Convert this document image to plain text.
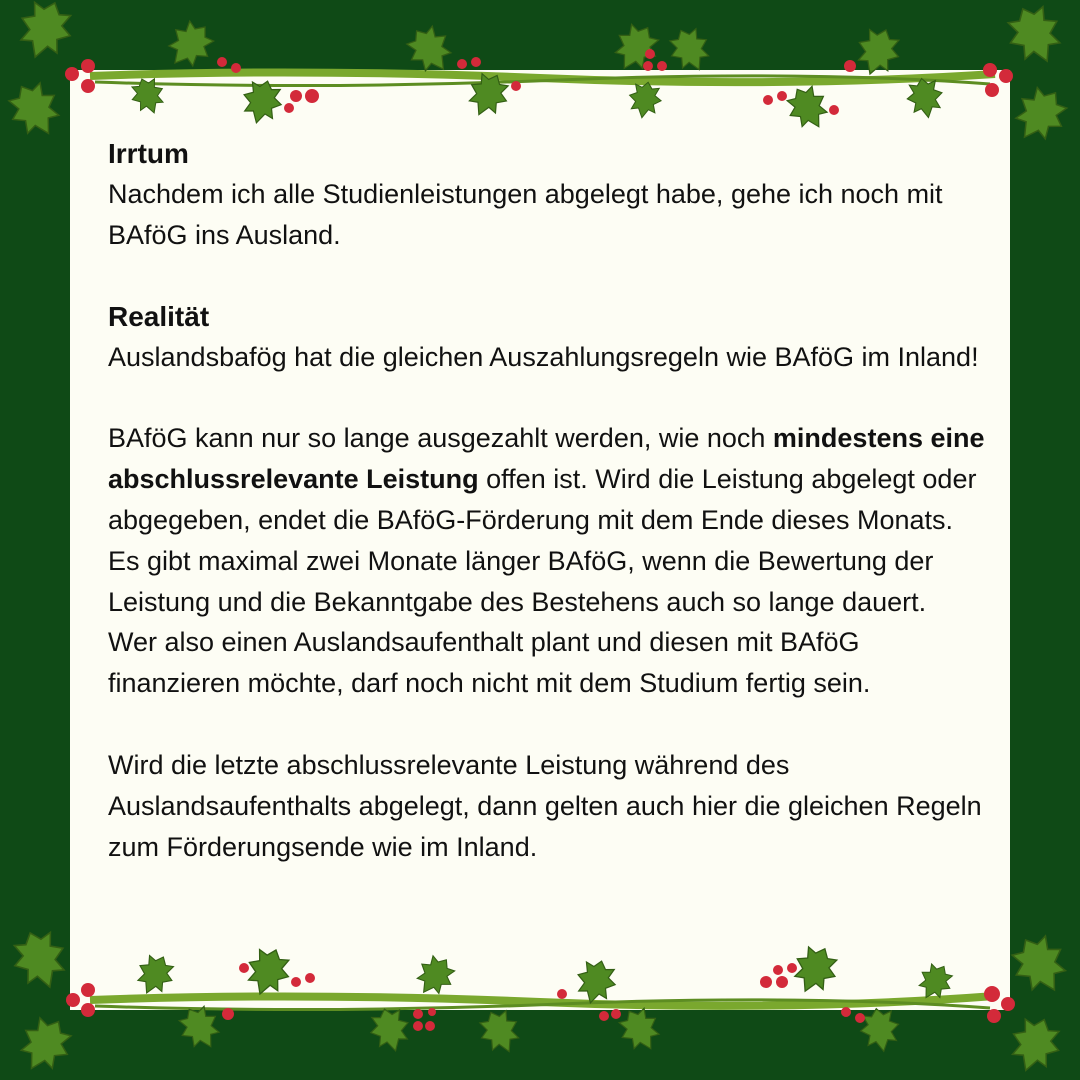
Irrtum

Nachdem ich alle Studienleistungen abgelegt habe, gehe ich noch mit BAföG ins Ausland.

Realität

Auslandsbafög hat die gleichen Auszahlungsregeln wie BAföG im Inland!

BAföG kann nur so lange ausgezahlt werden, wie noch mindestens eine abschlussrelevante Leistung offen ist. Wird die Leistung abgelegt oder abgegeben, endet die BAföG-Förderung mit dem Ende dieses Monats. Es gibt maximal zwei Monate länger BAföG, wenn die Bewertung der Leistung und die Bekanntgabe des Bestehens auch so lange dauert.

Wer also einen Auslandsaufenthalt plant und diesen mit BAföG finanzieren möchte, darf noch nicht mit dem Studium fertig sein.

Wird die letzte abschlussrelevante Leistung während des Auslandsaufenthalts abgelegt, dann gelten auch hier die gleichen Regeln zum Förderungsende wie im Inland.
